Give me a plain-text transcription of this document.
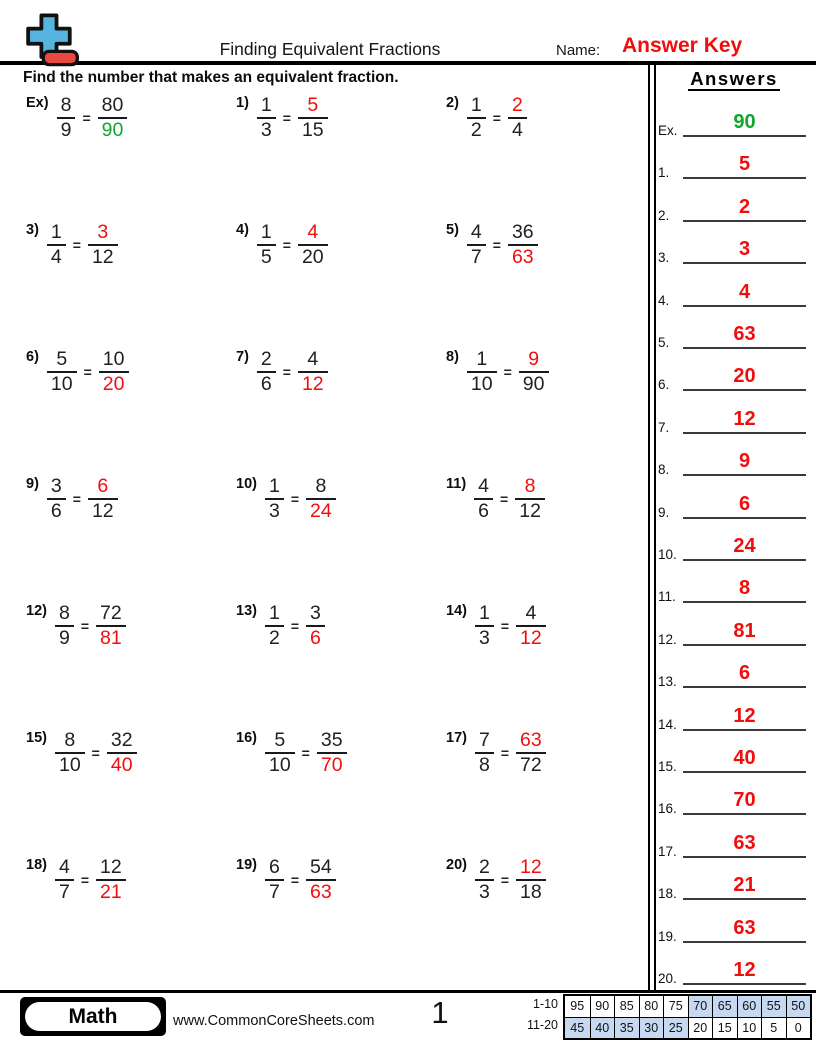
Finding Equivalent Fractions	Name: Answer Key
Find the number that makes an equivalent fraction.
$Ex) \frac{8}{9} = \frac{80}{90}$	$1) \frac{1}{3} = \frac{5}{15}$	$2) \frac{1}{2} = \frac{2}{4}$
$3) \frac{1}{4} = \frac{3}{12}$	$4) \frac{1}{5} = \frac{4}{20}$	$5) \frac{4}{7} = \frac{36}{63}$
$6) \frac{5}{10} = \frac{10}{20}$	$7) \frac{2}{6} = \frac{4}{12}$	$8) \frac{1}{10} = \frac{9}{90}$
$9) \frac{3}{6} = \frac{6}{12}$	$10) \frac{1}{3} = \frac{8}{24}$	$11) \frac{4}{6} = \frac{8}{12}$
$12) \frac{8}{9} = \frac{72}{81}$	$13) \frac{1}{2} = \frac{3}{6}$	$14) \frac{1}{3} = \frac{4}{12}$
$15) \frac{8}{10} = \frac{32}{40}$	$16) \frac{5}{10} = \frac{35}{70}$	$17) \frac{7}{8} = \frac{63}{72}$
$18) \frac{4}{7} = \frac{12}{21}$	$19) \frac{6}{7} = \frac{54}{63}$	$20) \frac{2}{3} = \frac{12}{18}$
Answers
Ex.	90
1.	5
2.	2
3.	3
4.	4
5.	63
6.	20
7.	12
8.	9
9.	6
10.	24
11.	8
12.	81
13.	6
14.	12
15.	40
16.	70
17.	63
18.	21
19.	63
20.	12
Math	www.CommonCoreSheets.com	1	1-10
11-20
95 90 85 80 75 70 65 60 55 50
45 40 35 30 25 20 15 10	5	0
